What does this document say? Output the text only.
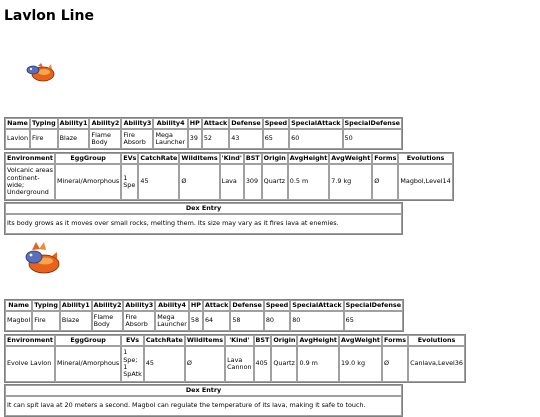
Lavlon Line
Name	Typing	Ability1	Ability2	Ability3	Ability4	HP	Attack	Defense	Speed	SpecialAttack	SpecialDefense
Lavlon	Fire	Blaze	Flame Body	Fire Absorb	Mega Launcher	39	52	43	65	60	50
Environment	EggGroup	EVs	CatchRate	WildItems	'Kind'	BST	Origin	AvgHeight	AvgWeight	Forms	Evolutions
Volcanic areas continent-wide; Underground	Mineral/Amorphous	1 Spe	45	Ø	Lava	309	Quartz	0.5 m	7.9 kg	Ø	Magbol,Level14
Dex Entry
Its body grows as it moves over small rocks, melting them. Its size may vary as it fires lava at enemies.
Name	Typing	Ability1	Ability2	Ability3	Ability4	HP	Attack	Defense	Speed	SpecialAttack	SpecialDefense
Magbol	Fire	Blaze	Flame Body	Fire Absorb	Mega Launcher	58	64	58	80	80	65
Environment	EggGroup	EVs	CatchRate	WildItems	'Kind'	BST	Origin	AvgHeight	AvgWeight	Forms	Evolutions
Evolve Lavlon	Mineral/Amorphous	1 Spe; 1 SpAtk	45	Ø	Lava Cannon	405	Quartz	0.9 m	19.0 kg	Ø	Canlava,Level36
Dex Entry
It can spit lava at 20 meters a second. Magbol can regulate the temperature of its lava, making it safe to touch.
